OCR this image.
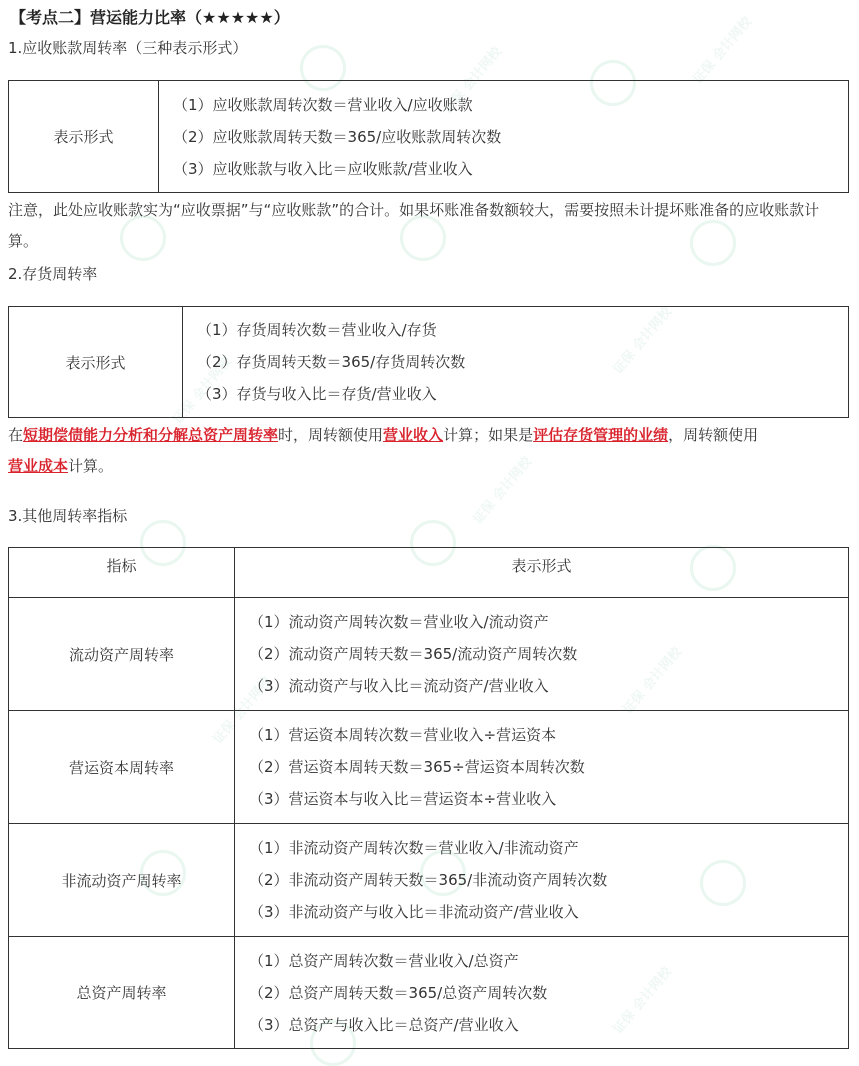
证保 会计网校	证保 会计网校
证保 会计网校
证保 会计网校
证保 会计网校
证保 会计网校	证保 会计网校
证保 会计网校
【考点二】营运能力比率（★★★★★）
1.应收账款周转率（三种表示形式）
表示形式	
（1）应收账款周转次数＝营业收入/应收账款
（2）应收账款周转天数＝365/应收账款周转次数
（3）应收账款与收入比＝应收账款/营业收入
注意，此处应收账款实为“应收票据”与“应收账款”的合计。如果坏账准备数额较大，需要按照未计提坏账准备的应收账款计算。
2.存货周转率
表示形式	
（1）存货周转次数＝营业收入/存货
（2）存货周转天数＝365/存货周转次数
（3）存货与收入比＝存货/营业收入
在短期偿债能力分析和分解总资产周转率时，周转额使用营业收入计算；如果是评估存货管理的业绩，周转额使用
营业成本计算。
3.其他周转率指标
指标	表示形式
流动资产周转率	（1）流动资产周转次数＝营业收入/流动资产
（2）流动资产周转天数＝365/流动资产周转次数
（3）流动资产与收入比＝流动资产/营业收入

营运资本周转率	（1）营运资本周转次数＝营业收入÷营运资本
（2）营运资本周转天数＝365÷营运资本周转次数
（3）营运资本与收入比＝营运资本÷营业收入

非流动资产周转率	（1）非流动资产周转次数＝营业收入/非流动资产
（2）非流动资产周转天数＝365/非流动资产周转次数
（3）非流动资产与收入比＝非流动资产/营业收入

总资产周转率	（1）总资产周转次数＝营业收入/总资产
（2）总资产周转天数＝365/总资产周转次数
（3）总资产与收入比＝总资产/营业收入
